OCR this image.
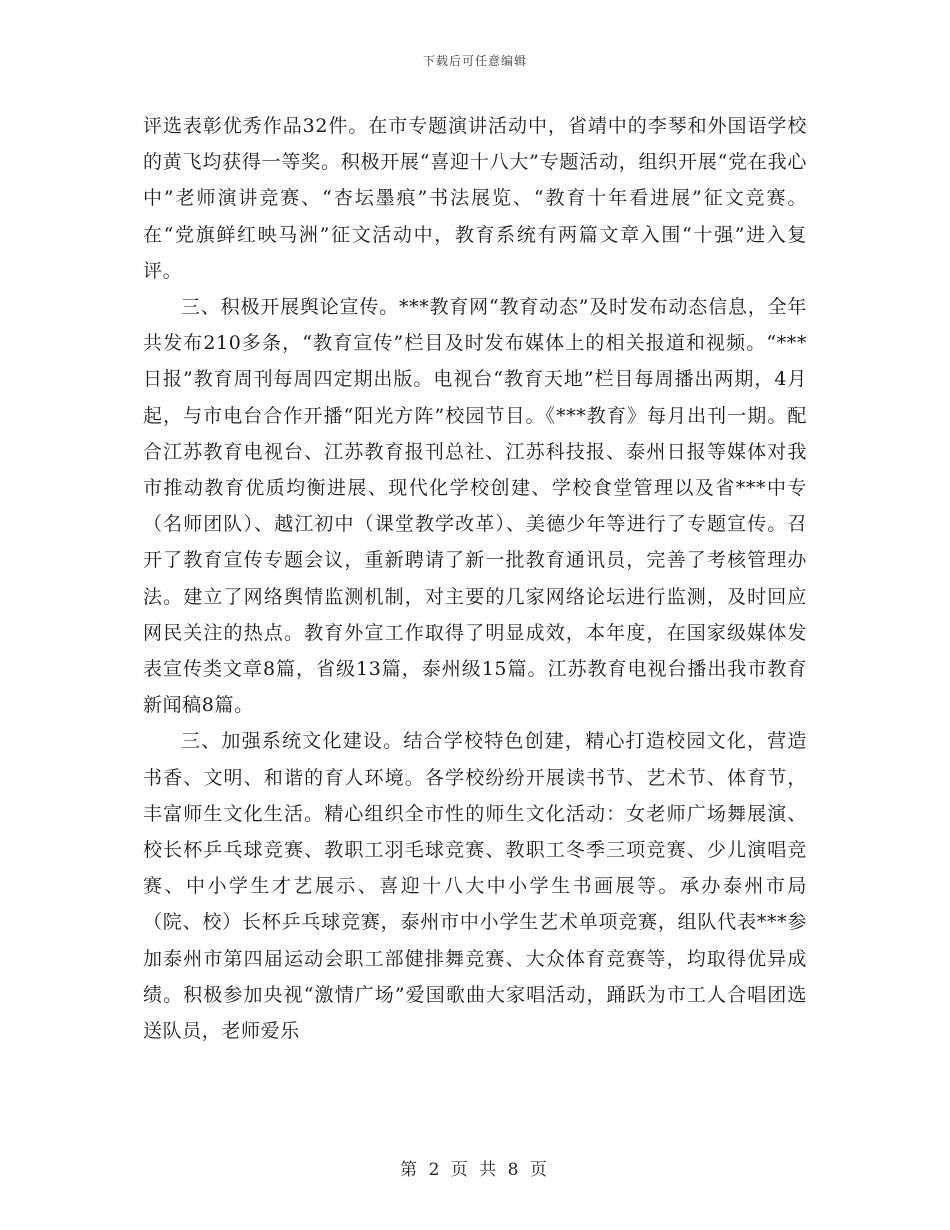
下载后可任意编辑

评选表彰优秀作品32件。在市专题演讲活动中，省靖中的李琴和外国语学校的黄飞均获得一等奖。积极开展“喜迎十八大”专题活动，组织开展“党在我心中”老师演讲竞赛、“杏坛墨痕”书法展览、“教育十年看进展”征文竞赛。在“党旗鲜红映马洲”征文活动中，教育系统有两篇文章入围“十强”进入复评。

三、积极开展舆论宣传。***教育网“教育动态”及时发布动态信息，全年共发布210多条，“教育宣传”栏目及时发布媒体上的相关报道和视频。“***日报”教育周刊每周四定期出版。电视台“教育天地”栏目每周播出两期，4月起，与市电台合作开播“阳光方阵”校园节目。《***教育》每月出刊一期。配合江苏教育电视台、江苏教育报刊总社、江苏科技报、泰州日报等媒体对我市推动教育优质均衡进展、现代化学校创建、学校食堂管理以及省***中专（名师团队）、越江初中（课堂教学改革）、美德少年等进行了专题宣传。召开了教育宣传专题会议，重新聘请了新一批教育通讯员，完善了考核管理办法。建立了网络舆情监测机制，对主要的几家网络论坛进行监测，及时回应网民关注的热点。教育外宣工作取得了明显成效，本年度，在国家级媒体发表宣传类文章8篇，省级13篇，泰州级15篇。江苏教育电视台播出我市教育新闻稿8篇。

三、加强系统文化建设。结合学校特色创建，精心打造校园文化，营造书香、文明、和谐的育人环境。各学校纷纷开展读书节、艺术节、体育节，丰富师生文化生活。精心组织全市性的师生文化活动：女老师广场舞展演、校长杯乒乓球竞赛、教职工羽毛球竞赛、教职工冬季三项竞赛、少儿演唱竞赛、中小学生才艺展示、喜迎十八大中小学生书画展等。承办泰州市局（院、校）长杯乒乓球竞赛，泰州市中小学生艺术单项竞赛，组队代表***参加泰州市第四届运动会职工部健排舞竞赛、大众体育竞赛等，均取得优异成绩。积极参加央视“激情广场”爱国歌曲大家唱活动，踊跃为市工人合唱团选送队员，老师爱乐

第 2 页 共 8 页
